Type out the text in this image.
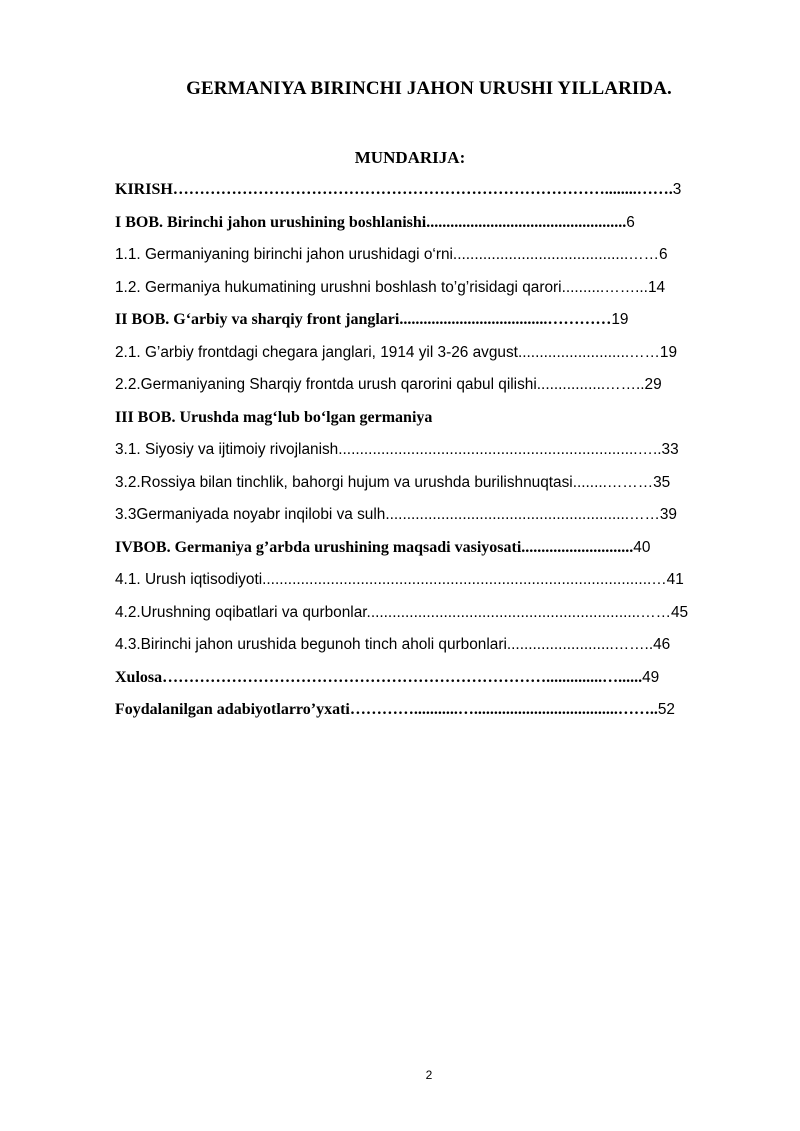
GERMANIYA BIRINCHI JAHON URUSHI YILLARIDA.
MUNDARIJA:
KIRISH………………………………………………………………………........…….3
I BOB. Birinchi jahon urushining boshlanishi..................................................6
1.1. Germaniyaning birinchi jahon urushidagi o‘rni.........................................……6
1.2. Germaniya hukumatining urushni boshlash to’g’risidagi qarori..........……...14
II BOB. G‘arbiy va sharqiy front janglari.....................................…………19
2.1. G’arbiy frontdagi chegara janglari, 1914 yil 3-26 avgust..........................……19
2.2.Germaniyaning Sharqiy frontda urush qarorini qabul qilishi................……..29
III BOB. Urushda mag‘lub bo‘lgan germaniya
3.1. Siyosiy va ijtimoiy rivojlanish......................................................................…..33
3.2.Rossiya bilan tinchlik, bahorgi hujum va urushda burilishnuqtasi........………35
3.3Germaniyada noyabr inqilobi va sulh.........................................................……39
IVBOB. Germaniya g’arbda urushining maqsadi vasiyosati............................40
4.1. Urush iqtisodiyoti...........................................................................................…41
4.2.Urushning oqibatlari va qurbonlar................................................................……45
4.3.Birinchi jahon urushida begunoh tinch aholi qurbonlari.........................……..46
Xulosa………………………………………………………………..............…......49
Foydalanilgan adabiyotlarro’yxati…………...........…....................................……..52
2
